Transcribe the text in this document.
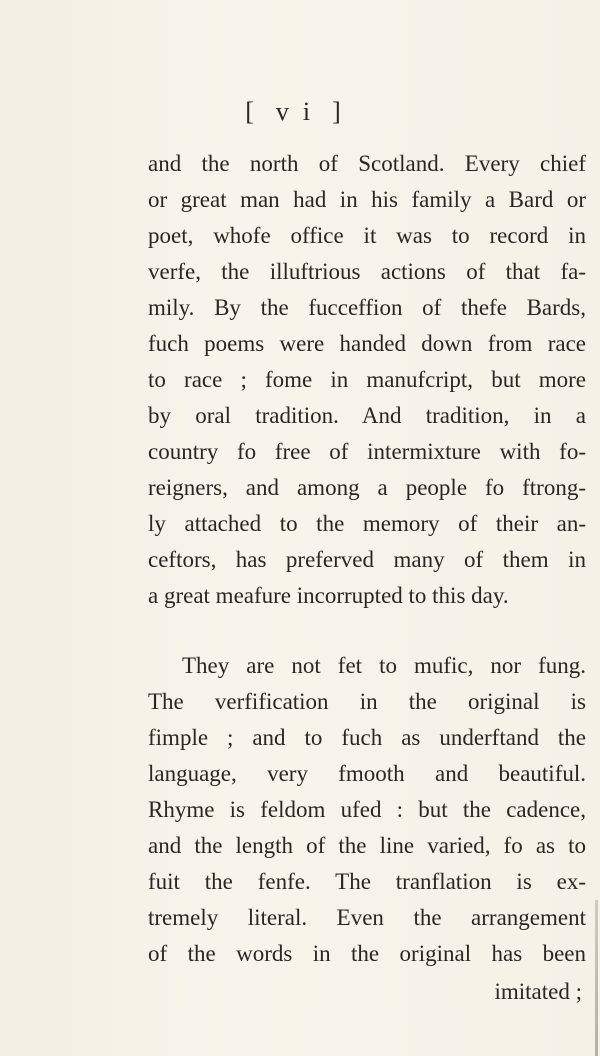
[ vi ]
and the north of Scotland. Every chief
or great man had in his family a Bard or
poet, whofe office it was to record in
verfe, the illuftrious actions of that fa-
mily. By the fucceffion of thefe Bards,
fuch poems were handed down from race
to race ; fome in manufcript, but more
by oral tradition. And tradition, in a
country fo free of intermixture with fo-
reigners, and among a people fo ftrong-
ly attached to the memory of their an-
ceftors, has preferved many of them in
a great meafure incorrupted to this day.
They are not fet to mufic, nor fung.
The verfification in the original is
fimple ; and to fuch as underftand the
language, very fmooth and beautiful.
Rhyme is feldom ufed : but the cadence,
and the length of the line varied, fo as to
fuit the fenfe. The tranflation is ex-
tremely literal. Even the arrangement
of the words in the original has been
imitated ;
